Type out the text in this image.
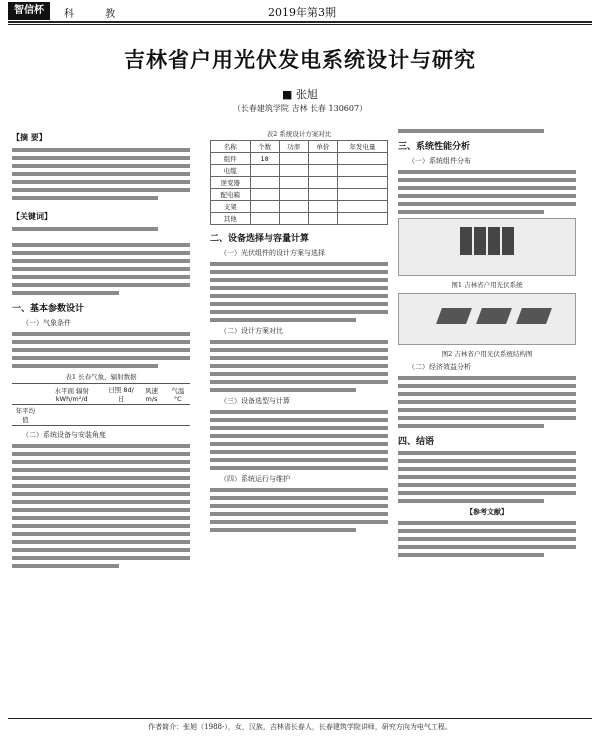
智信杯	科 教	2019年第3期
吉林省户用光伏发电系统设计与研究
■ 张旭
（长春建筑学院 吉林 长春 130607）
【摘 要】
【关键词】
一、基本参数设计
（一）气象条件
表1 长春气象、辐射数据
	水平面 辐射 kWh/m²/d	日照 8d/日	风速 m/s	气温 °C
年平均值				
（二）系统设备与安装角度
表2 系统设计方案对比
名称	个数	功率	单价	年发电量
组件	18			
电缆				
逆变器				
配电箱				
支架				
其他				
二、设备选择与容量计算
（一）光伏组件的设计方案与选择
（二）设计方案对比
（三）设备选型与计算
（四）系统运行与维护
三、系统性能分析
（一）系统组件分布
图1 吉林省户用光伏系统
图2 吉林省户用光伏系统结构图
（二）经济效益分析
四、结语
【参考文献】
作者简介：张旭（1988-），女，汉族，吉林省长春人，长春建筑学院讲师，研究方向为电气工程。
